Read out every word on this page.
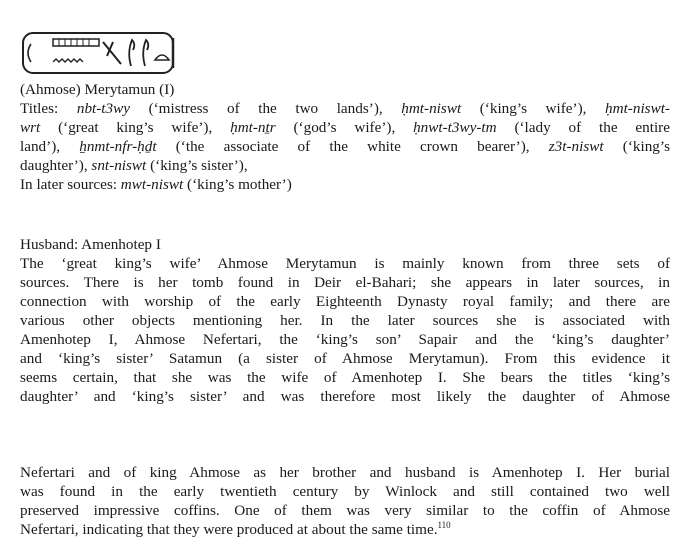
(Ahmose) Merytamun (I)
Titles: nbt-t3wy (‘mistress of the two lands’), ḥmt-niswt (‘king’s wife’), ḥmt-niswt-
wrt (‘great king’s wife’), ḥmt-nṯr (‘god’s wife’), ḥnwt-t3wy-tm (‘lady of the entire
land’), ẖnmt-nfr-ḥḏt (‘the associate of the white crown bearer’), z3t-niswt (‘king’s
daughter’), snt-niswt (‘king’s sister’),
In later sources: mwt-niswt (‘king’s mother’)
Husband: Amenhotep I
The ‘great king’s wife’ Ahmose Merytamun is mainly known from three sets of
sources. There is her tomb found in Deir el-Bahari; she appears in later sources, in
connection with worship of the early Eighteenth Dynasty royal family; and there are
various other objects mentioning her. In the later sources she is associated with
Amenhotep I, Ahmose Nefertari, the ‘king’s son’ Sapair and the ‘king’s daughter’
and ‘king’s sister’ Satamun (a sister of Ahmose Merytamun). From this evidence it
seems certain, that she was the wife of Amenhotep I. She bears the titles ‘king’s
daughter’ and ‘king’s sister’ and was therefore most likely the daughter of Ahmose
Nefertari and of king Ahmose as her brother and husband is Amenhotep I. Her burial
was found in the early twentieth century by Winlock and still contained two well
preserved impressive coffins. One of them was very similar to the coffin of Ahmose
Nefertari, indicating that they were produced at about the same time.$^{110}$
